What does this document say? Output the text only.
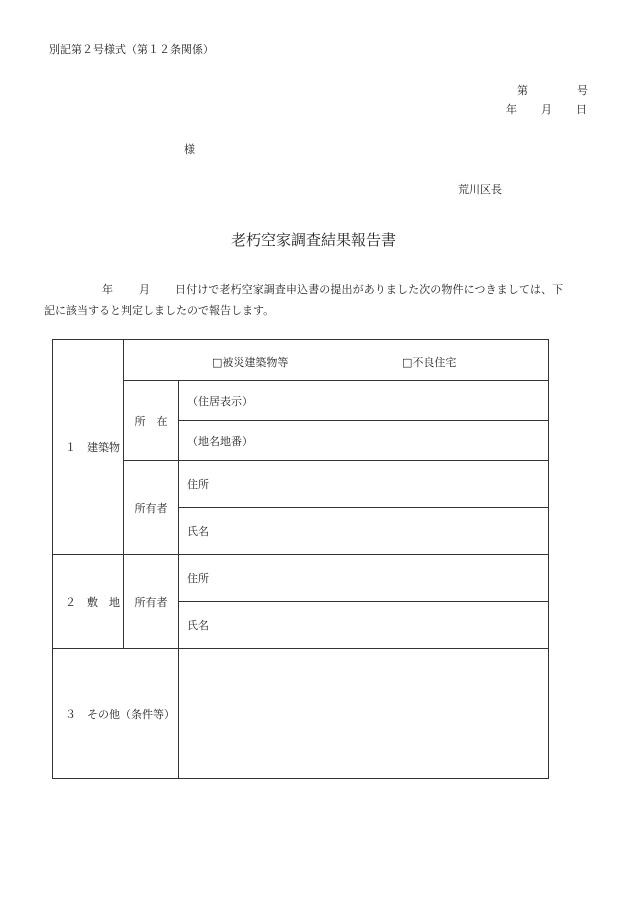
別記第２号様式（第１２条関係）
第	号
年 月 日
様
荒川区長
老朽空家調査結果報告書
年 月 日付けで老朽空家調査申込書の提出がありました次の物件につきましては、下
記に該当すると判定しましたので報告します。
１　建築物	□被災建築物等 □不良住宅	

	所　在	（住居表示）
		（地名地番）
	所有者	住所
		氏名
２　敷　地	所有者	住所
		氏名
３　その他（条件等）		
